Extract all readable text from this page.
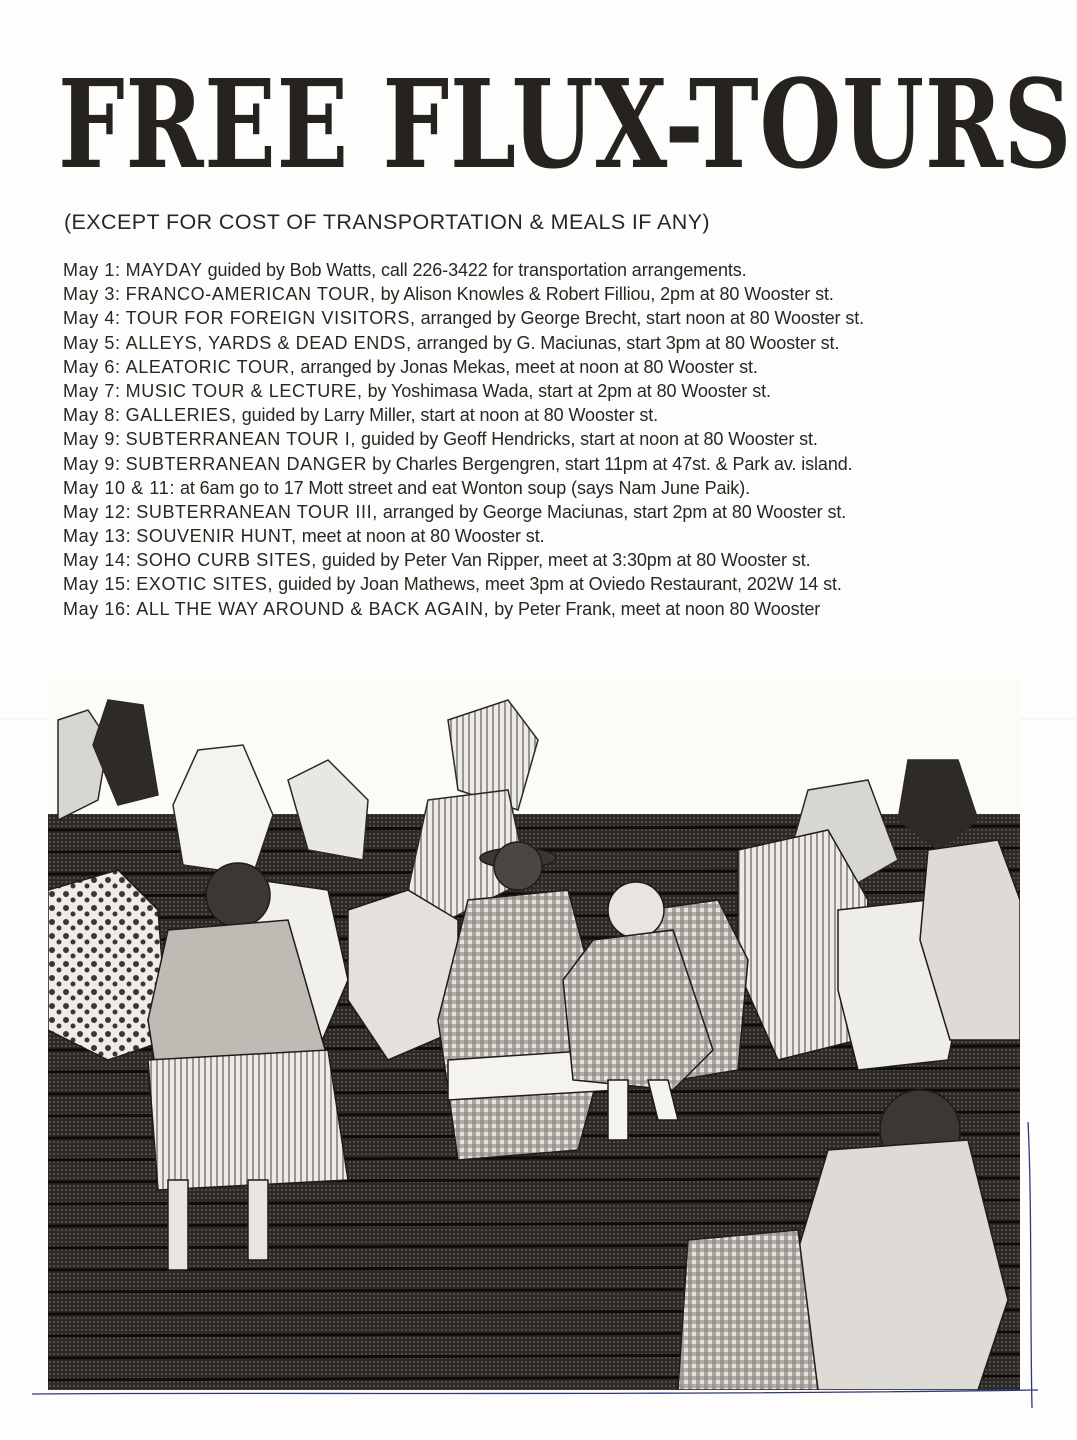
FREE FLUX-TOURS
(EXCEPT FOR COST OF TRANSPORTATION & MEALS IF ANY)
May 1: MAYDAY guided by Bob Watts, call 226-3422 for transportation arrangements.
May 3: FRANCO-AMERICAN TOUR, by Alison Knowles & Robert Filliou, 2pm at 80 Wooster st.
May 4: TOUR FOR FOREIGN VISITORS, arranged by George Brecht, start noon at 80 Wooster st.
May 5: ALLEYS, YARDS & DEAD ENDS, arranged by G. Maciunas, start 3pm at 80 Wooster st.
May 6: ALEATORIC TOUR, arranged by Jonas Mekas, meet at noon at 80 Wooster st.
May 7: MUSIC TOUR & LECTURE, by Yoshimasa Wada, start at 2pm at 80 Wooster st.
May 8: GALLERIES, guided by Larry Miller, start at noon at 80 Wooster st.
May 9: SUBTERRANEAN TOUR I, guided by Geoff Hendricks, start at noon at 80 Wooster st.
May 9: SUBTERRANEAN DANGER by Charles Bergengren, start 11pm at 47st. & Park av. island.
May 10 & 11: at 6am go to 17 Mott street and eat Wonton soup (says Nam June Paik).
May 12: SUBTERRANEAN TOUR III, arranged by George Maciunas, start 2pm at 80 Wooster st.
May 13: SOUVENIR HUNT, meet at noon at 80 Wooster st.
May 14: SOHO CURB SITES, guided by Peter Van Ripper, meet at 3:30pm at 80 Wooster st.
May 15: EXOTIC SITES, guided by Joan Mathews, meet 3pm at Oviedo Restaurant, 202W 14 st.
May 16: ALL THE WAY AROUND & BACK AGAIN, by Peter Frank, meet at noon 80 Wooster
